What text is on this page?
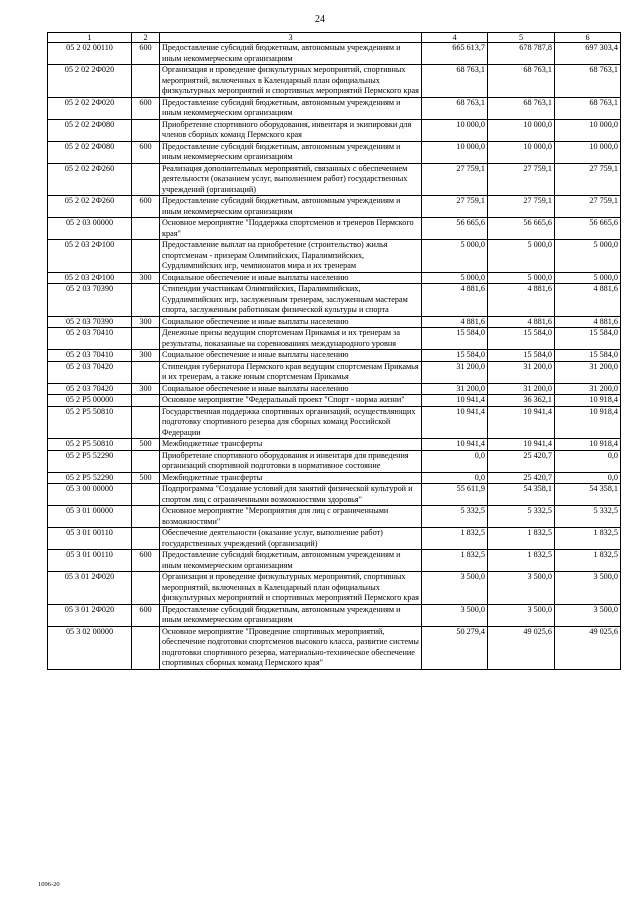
24
1	2	3	4	5	6
05 2 02 00110	600	Предоставление субсидий бюджетным, автономным учреждениям и иным некоммерческим организациям	665 613,7	678 787,8	697 303,4
05 2 02 2Ф020		Организация и проведение физкультурных мероприятий, спортивных мероприятий, включенных в Календарный план официальных физкультурных мероприятий и спортивных мероприятий Пермского края	68 763,1	68 763,1	68 763,1
05 2 02 2Ф020	600	Предоставление субсидий бюджетным, автономным учреждениям и иным некоммерческим организациям	68 763,1	68 763,1	68 763,1
05 2 02 2Ф080		Приобретение спортивного оборудования, инвентаря и экипировки для членов сборных команд Пермского края	10 000,0	10 000,0	10 000,0
05 2 02 2Ф080	600	Предоставление субсидий бюджетным, автономным учреждениям и иным некоммерческим организациям	10 000,0	10 000,0	10 000,0
05 2 02 2Ф260		Реализация дополнительных мероприятий, связанных с обеспечением деятельности (оказанием услуг, выполнением работ) государственных учреждений (организаций)	27 759,1	27 759,1	27 759,1
05 2 02 2Ф260	600	Предоставление субсидий бюджетным, автономным учреждениям и иным некоммерческим организациям	27 759,1	27 759,1	27 759,1
05 2 03 00000		Основное мероприятие "Поддержка спортсменов и тренеров Пермского края"	56 665,6	56 665,6	56 665,6
05 2 03 2Ф100		Предоставление выплат на приобретение (строительство) жилья спортсменам - призерам Олимпийских, Паралимпийских, Сурдлимпийских игр, чемпионатов мира и их тренерам	5 000,0	5 000,0	5 000,0
05 2 03 2Ф100	300	Социальное обеспечение и иные выплаты населению	5 000,0	5 000,0	5 000,0
05 2 03 70390		Стипендии участникам Олимпийских, Паралимпийских, Сурдлимпийских игр, заслуженным тренерам, заслуженным мастерам спорта, заслуженным работникам физической культуры и спорта	4 881,6	4 881,6	4 881,6
05 2 03 70390	300	Социальное обеспечение и иные выплаты населению	4 881,6	4 881,6	4 881,6
05 2 03 70410		Денежные призы ведущим спортсменам Прикамья и их тренерам за результаты, показанные на соревнованиях международного уровня	15 584,0	15 584,0	15 584,0
05 2 03 70410	300	Социальное обеспечение и иные выплаты населению	15 584,0	15 584,0	15 584,0
05 2 03 70420		Стипендия губернатора Пермского края ведущим спортсменам Прикамья и их тренерам, а также юным спортсменам Прикамья	31 200,0	31 200,0	31 200,0
05 2 03 70420	300	Социальное обеспечение и иные выплаты населению	31 200,0	31 200,0	31 200,0
05 2 P5 00000		Основное мероприятие "Федеральный проект "Спорт - норма жизни"	10 941,4	36 362,1	10 918,4
05 2 P5 50810		Государственная поддержка спортивных организаций, осуществляющих подготовку спортивного резерва для сборных команд Российской Федерации	10 941,4	10 941,4	10 918,4
05 2 P5 50810	500	Межбюджетные трансферты	10 941,4	10 941,4	10 918,4
05 2 P5 52290		Приобретение спортивного оборудования и инвентаря для приведения организаций спортивной подготовки в нормативное состояние	0,0	25 420,7	0,0
05 2 P5 52290	500	Межбюджетные трансферты	0,0	25 420,7	0,0
05 3 00 00000		Подпрограмма "Создание условий для занятий физической культурой и спортом лиц с ограниченными возможностями здоровья"	55 611,9	54 358,1	54 358,1
05 3 01 00000		Основное мероприятие "Мероприятия для лиц с ограниченными возможностями"	5 332,5	5 332,5	5 332,5
05 3 01 00110		Обеспечение деятельности (оказание услуг, выполнение работ) государственных учреждений (организаций)	1 832,5	1 832,5	1 832,5
05 3 01 00110	600	Предоставление субсидий бюджетным, автономным учреждениям и иным некоммерческим организациям	1 832,5	1 832,5	1 832,5
05 3 01 2Ф020		Организация и проведение физкультурных мероприятий, спортивных мероприятий, включенных в Календарный план официальных физкультурных мероприятий и спортивных мероприятий Пермского края	3 500,0	3 500,0	3 500,0
05 3 01 2Ф020	600	Предоставление субсидий бюджетным, автономным учреждениям и иным некоммерческим организациям	3 500,0	3 500,0	3 500,0
05 3 02 00000		Основное мероприятие "Проведение спортивных мероприятий, обеспечение подготовки спортсменов высокого класса, развитие системы подготовки спортивного резерва, материально-техническое обеспечение спортивных сборных команд Пермского края"	50 279,4	49 025,6	49 025,6
1096-20
